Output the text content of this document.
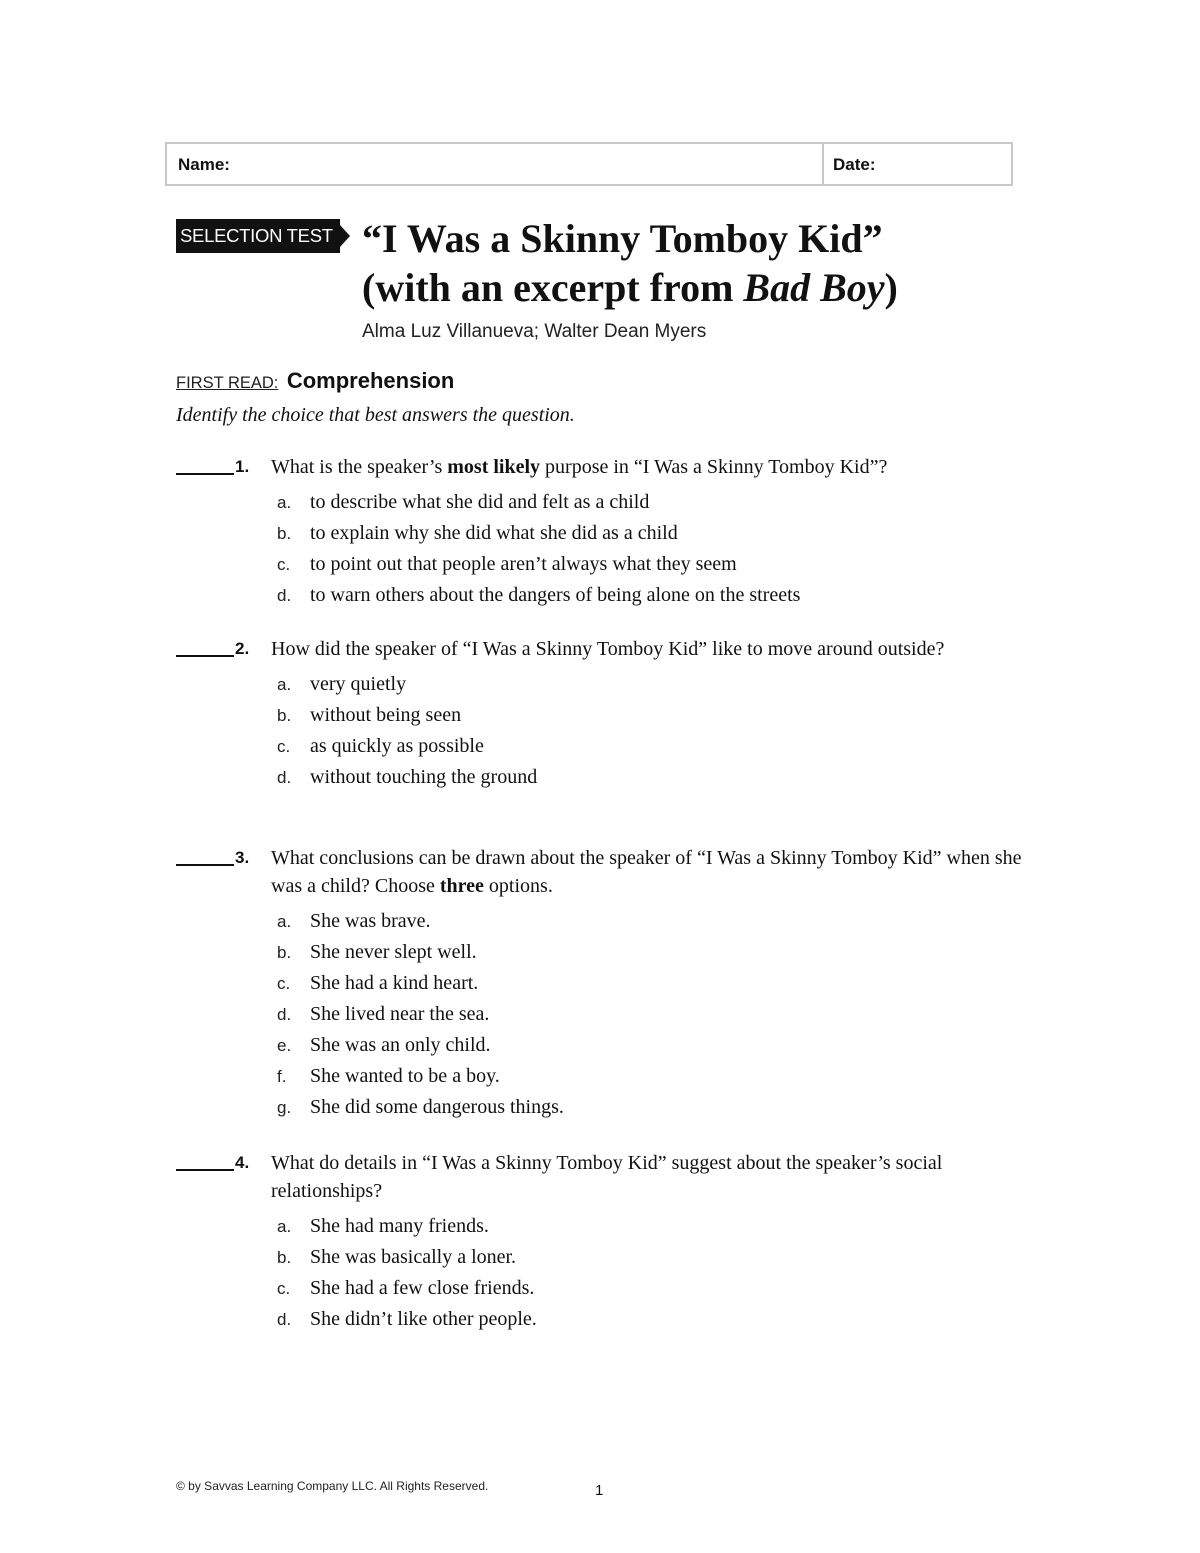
Name:	Date:
SELECTION TEST “I Was a Skinny Tomboy Kid”
(with an excerpt from Bad Boy)
Alma Luz Villanueva; Walter Dean Myers
FIRST READ: Comprehension
Identify the choice that best answers the question.
1. What is the speaker’s most likely purpose in “I Was a Skinny Tomboy Kid”?
a. to describe what she did and felt as a child
b. to explain why she did what she did as a child
c. to point out that people aren’t always what they seem
d. to warn others about the dangers of being alone on the streets
2. How did the speaker of “I Was a Skinny Tomboy Kid” like to move around outside?
a. very quietly
b. without being seen
c. as quickly as possible
d. without touching the ground
3. What conclusions can be drawn about the speaker of “I Was a Skinny Tomboy Kid” when she was a child? Choose three options.
a. She was brave.
b. She never slept well.
c. She had a kind heart.
d. She lived near the sea.
e. She was an only child.
f. She wanted to be a boy.
g. She did some dangerous things.
4. What do details in “I Was a Skinny Tomboy Kid” suggest about the speaker’s social relationships?
a. She had many friends.
b. She was basically a loner.
c. She had a few close friends.
d. She didn’t like other people.
© by Savvas Learning Company LLC. All Rights Reserved.	1
